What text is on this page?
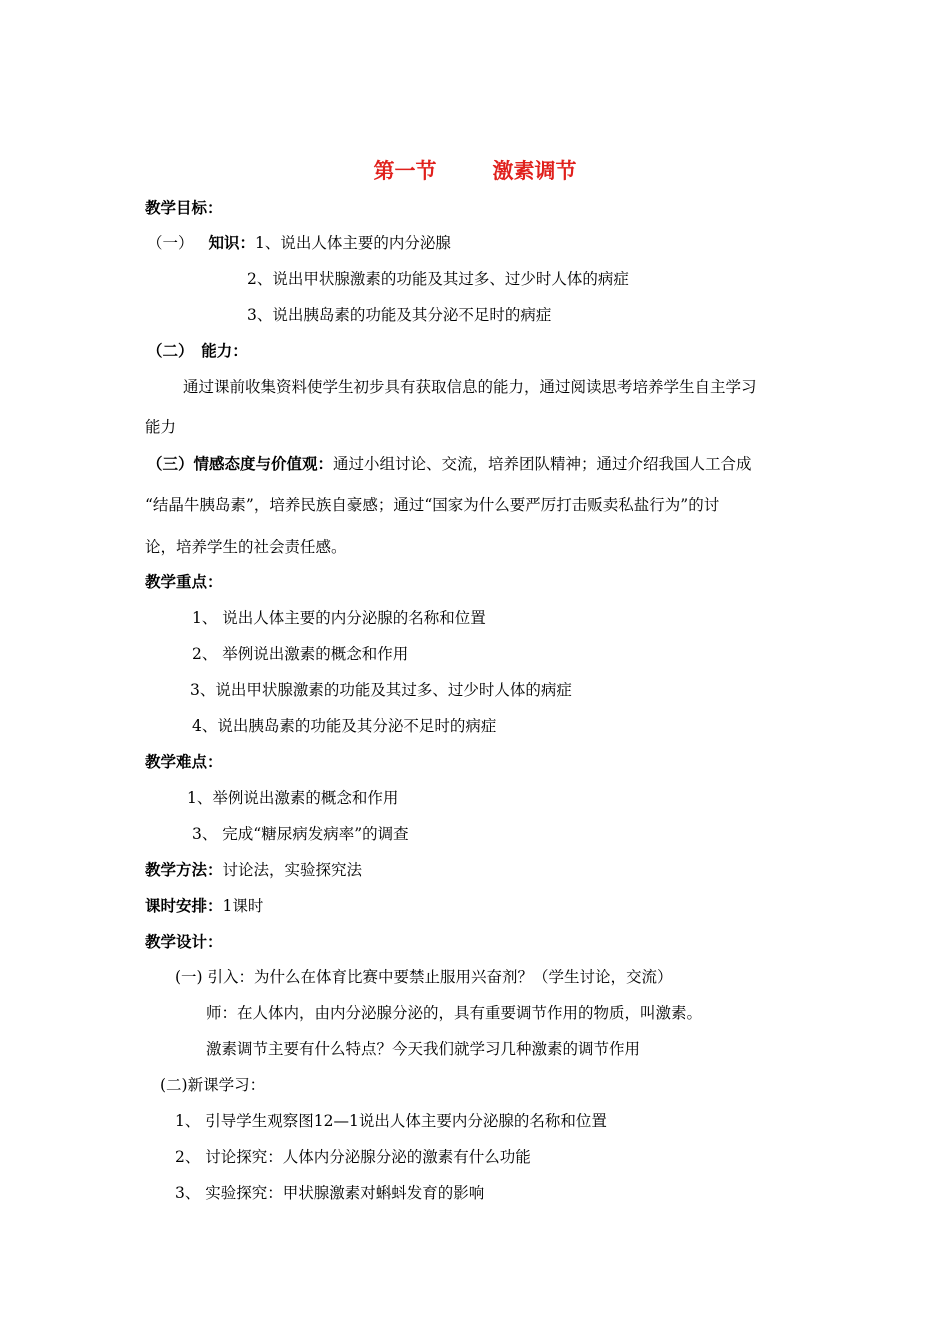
第一节	激素调节
教学目标：
（一） 知识：1、说出人体主要的内分泌腺
2、说出甲状腺激素的功能及其过多、过少时人体的病症
3、说出胰岛素的功能及其分泌不足时的病症
（二）　能力：
通过课前收集资料使学生初步具有获取信息的能力，通过阅读思考培养学生自主学习
能力
（三）情感态度与价值观：通过小组讨论、交流，培养团队精神；通过介绍我国人工合成
“结晶牛胰岛素”，培养民族自豪感；通过“国家为什么要严厉打击贩卖私盐行为”的讨
论，培养学生的社会责任感。
教学重点：
1、 说出人体主要的内分泌腺的名称和位置
2、 举例说出激素的概念和作用
3、说出甲状腺激素的功能及其过多、过少时人体的病症
4、说出胰岛素的功能及其分泌不足时的病症
教学难点：
1、举例说出激素的概念和作用
3、 完成“糖尿病发病率”的调查
教学方法：讨论法，实验探究法
课时安排：1课时
教学设计：
(一) 引入：为什么在体育比赛中要禁止服用兴奋剂？（学生讨论，交流）
师：在人体内，由内分泌腺分泌的，具有重要调节作用的物质，叫激素。
激素调节主要有什么特点？今天我们就学习几种激素的调节作用
(二)新课学习：
1、 引导学生观察图12—1说出人体主要内分泌腺的名称和位置
2、 讨论探究：人体内分泌腺分泌的激素有什么功能
3、 实验探究：甲状腺激素对蝌蚪发育的影响
